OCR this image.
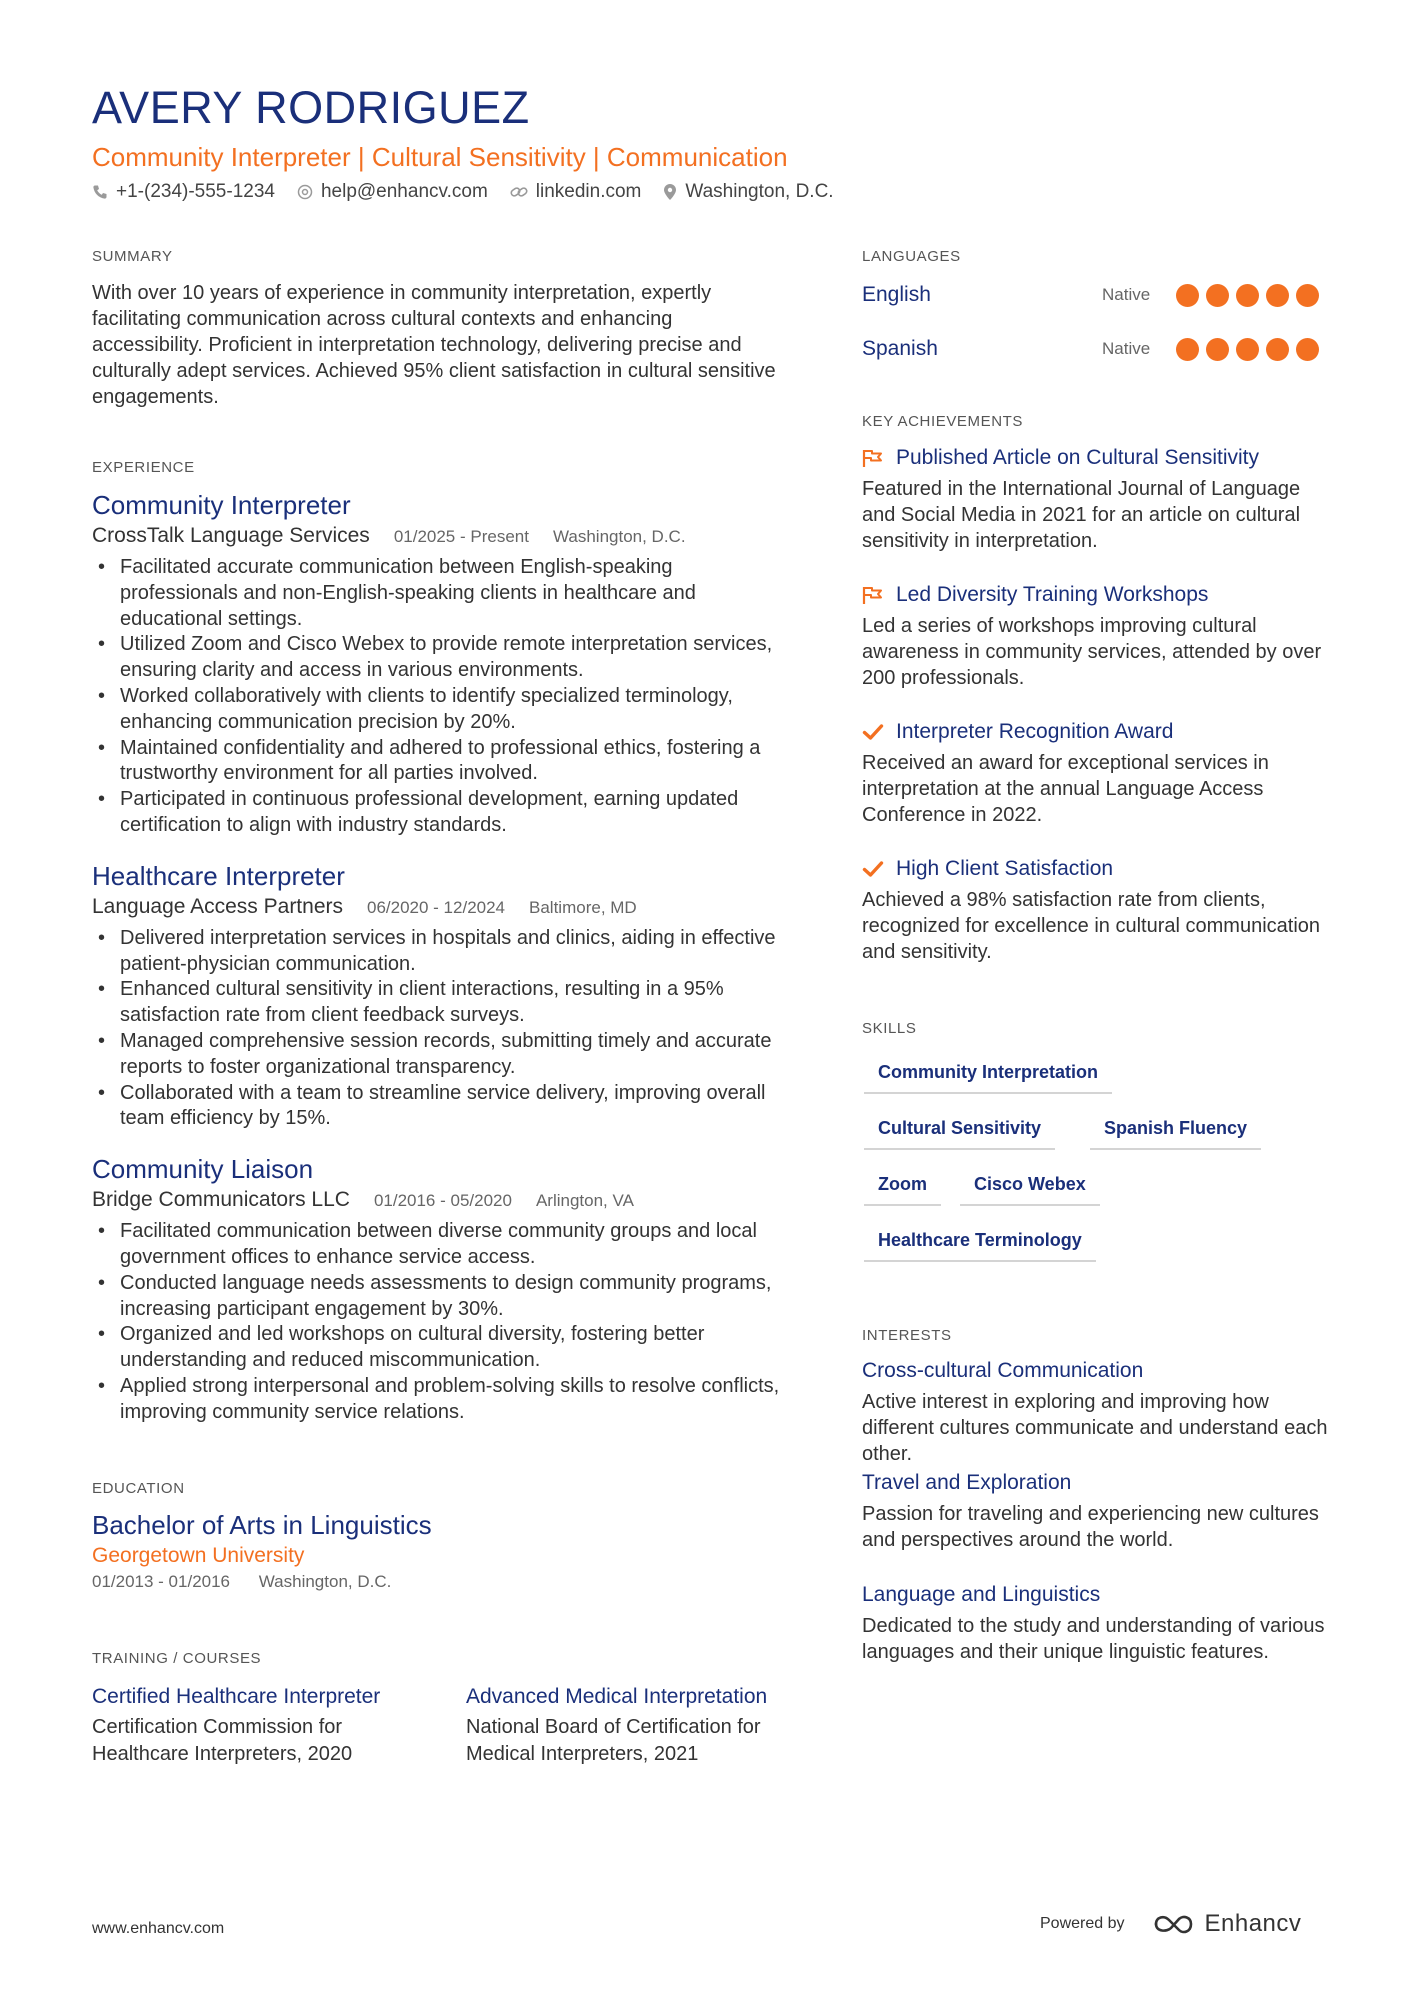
AVERY RODRIGUEZ
Community Interpreter | Cultural Sensitivity | Communication
+1-(234)-555-1234 help@enhancv.com	linkedin.com Washington, D.C.
SUMMARY
With over 10 years of experience in community interpretation, expertly facilitating communication across cultural contexts and enhancing accessibility. Proficient in interpretation technology, delivering precise and culturally adept services. Achieved 95% client satisfaction in cultural sensitive engagements.
EXPERIENCE
Community Interpreter
CrossTalk Language Services 01/2025 - Present Washington, D.C.
• Facilitated accurate communication between English-speaking professionals and non-English-speaking clients in healthcare and educational settings.
• Utilized Zoom and Cisco Webex to provide remote interpretation services, ensuring clarity and access in various environments.
• Worked collaboratively with clients to identify specialized terminology, enhancing communication precision by 20%.
• Maintained confidentiality and adhered to professional ethics, fostering a trustworthy environment for all parties involved.
• Participated in continuous professional development, earning updated certification to align with industry standards.
Healthcare Interpreter
Language Access Partners 06/2020 - 12/2024 Baltimore, MD
• Delivered interpretation services in hospitals and clinics, aiding in effective patient-physician communication.
• Enhanced cultural sensitivity in client interactions, resulting in a 95% satisfaction rate from client feedback surveys.
• Managed comprehensive session records, submitting timely and accurate reports to foster organizational transparency.
• Collaborated with a team to streamline service delivery, improving overall team efficiency by 15%.
Community Liaison
Bridge Communicators LLC 01/2016 - 05/2020 Arlington, VA
• Facilitated communication between diverse community groups and local government offices to enhance service access.
• Conducted language needs assessments to design community programs, increasing participant engagement by 30%.
• Organized and led workshops on cultural diversity, fostering better understanding and reduced miscommunication.
• Applied strong interpersonal and problem-solving skills to resolve conflicts, improving community service relations.
EDUCATION
Bachelor of Arts in Linguistics
Georgetown University
01/2013 - 01/2016 Washington, D.C.
TRAINING / COURSES
Certified Healthcare Interpreter
Certification Commission for Healthcare Interpreters, 2020
Advanced Medical Interpretation
National Board of Certification for Medical Interpreters, 2021
LANGUAGES
English	Native
Spanish	Native
KEY ACHIEVEMENTS
Published Article on Cultural Sensitivity
Featured in the International Journal of Language and Social Media in 2021 for an article on cultural sensitivity in interpretation.
Led Diversity Training Workshops
Led a series of workshops improving cultural awareness in community services, attended by over 200 professionals.
Interpreter Recognition Award
Received an award for exceptional services in interpretation at the annual Language Access Conference in 2022.
High Client Satisfaction
Achieved a 98% satisfaction rate from clients, recognized for excellence in cultural communication and sensitivity.
SKILLS
Community Interpretation
Cultural Sensitivity	Spanish Fluency
Zoom	Cisco Webex
Healthcare Terminology
INTERESTS
Cross-cultural Communication
Active interest in exploring and improving how different cultures communicate and understand each other.
Travel and Exploration
Passion for traveling and experiencing new cultures and perspectives around the world.
Language and Linguistics
Dedicated to the study and understanding of various languages and their unique linguistic features.
www.enhancv.com	Powered by	Enhancv
